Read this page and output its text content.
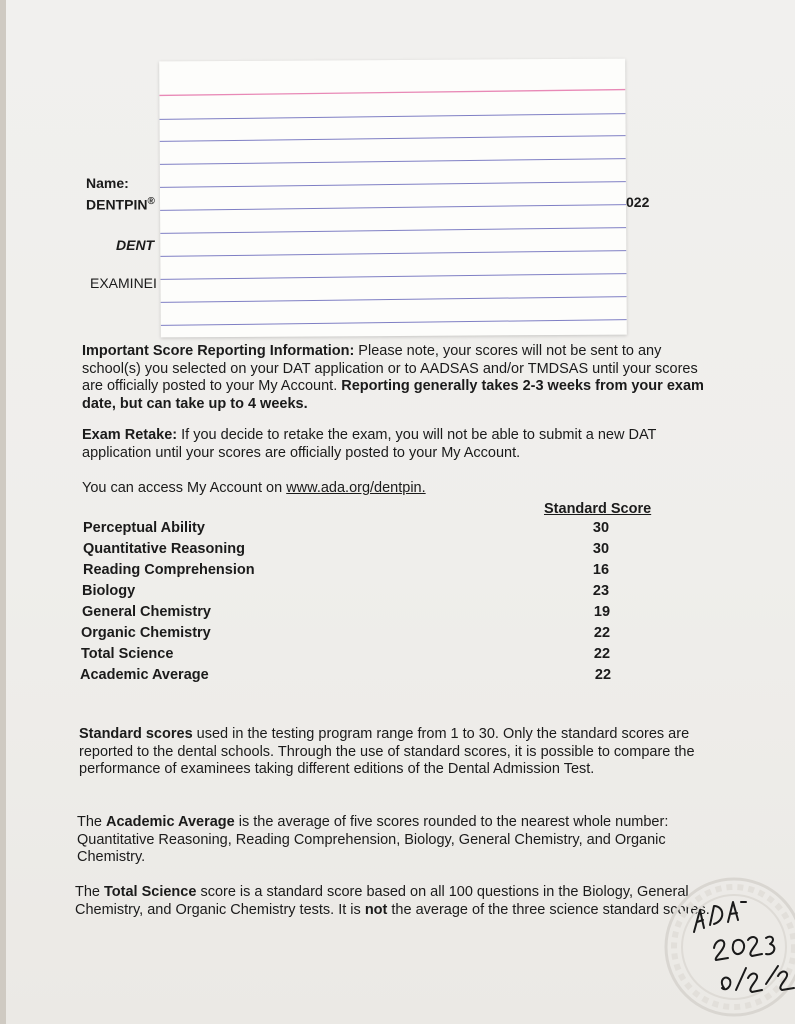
Name:
DENTPIN®	022
DENT
EXAMINEI

Important Score Reporting Information: Please note, your scores will not be sent to any school(s) you selected on your DAT application or to AADSAS and/or TMDSAS until your scores are officially posted to your My Account. Reporting generally takes 2-3 weeks from your exam date, but can take up to 4 weeks.

Exam Retake: If you decide to retake the exam, you will not be able to submit a new DAT application until your scores are officially posted to your My Account.

You can access My Account on www.ada.org/dentpin.

Standard Score
Perceptual Ability	30
Quantitative Reasoning	30
Reading Comprehension	16
Biology	23
General Chemistry	19
Organic Chemistry	22
Total Science	22
Academic Average	22

Standard scores used in the testing program range from 1 to 30. Only the standard scores are reported to the dental schools. Through the use of standard scores, it is possible to compare the performance of examinees taking different editions of the Dental Admission Test.

The Academic Average is the average of five scores rounded to the nearest whole number: Quantitative Reasoning, Reading Comprehension, Biology, General Chemistry, and Organic Chemistry.

The Total Science score is a standard score based on all 100 questions in the Biology, General Chemistry, and Organic Chemistry tests. It is not the average of the three science standard scores.
